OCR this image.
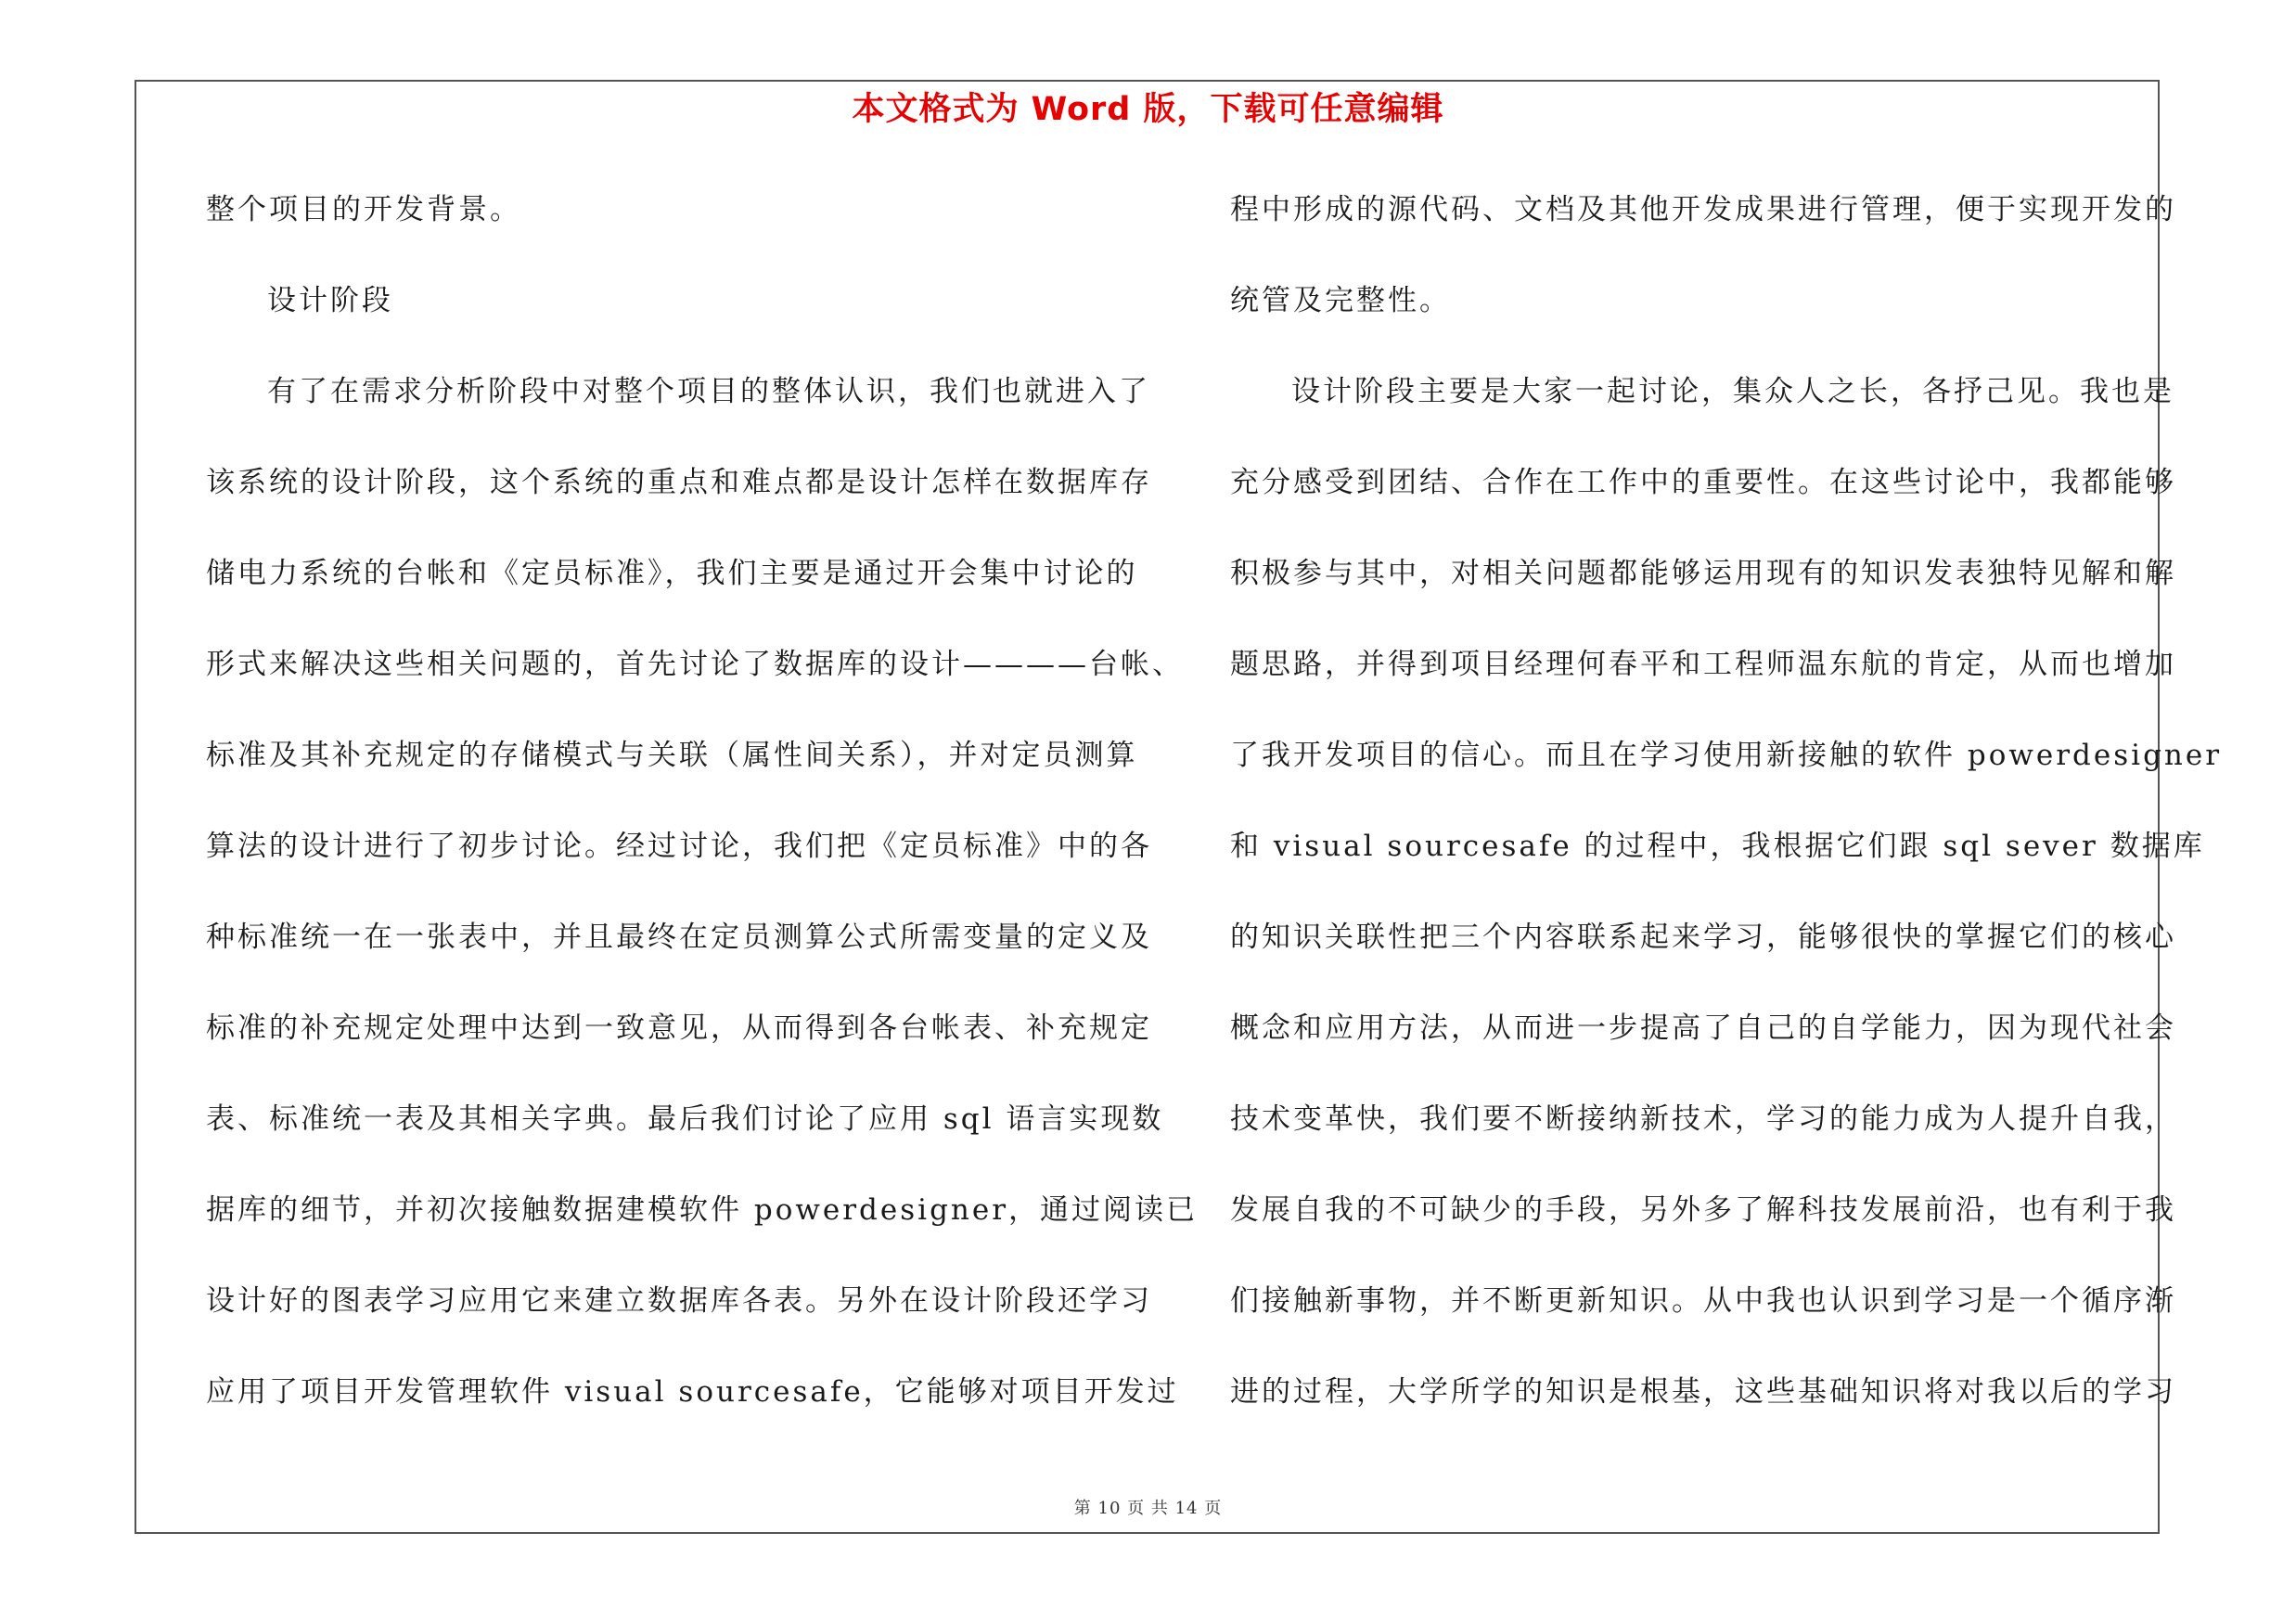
本文格式为 Word 版，下载可任意编辑
整个项目的开发背景。
设计阶段
有了在需求分析阶段中对整个项目的整体认识，我们也就进入了
该系统的设计阶段，这个系统的重点和难点都是设计怎样在数据库存
储电力系统的台帐和《定员标准》，我们主要是通过开会集中讨论的
形式来解决这些相关问题的，首先讨论了数据库的设计————台帐、
标准及其补充规定的存储模式与关联（属性间关系），并对定员测算
算法的设计进行了初步讨论。经过讨论，我们把《定员标准》中的各
种标准统一在一张表中，并且最终在定员测算公式所需变量的定义及
标准的补充规定处理中达到一致意见，从而得到各台帐表、补充规定
表、标准统一表及其相关字典。最后我们讨论了应用 sql 语言实现数
据库的细节，并初次接触数据建模软件 powerdesigner，通过阅读已
设计好的图表学习应用它来建立数据库各表。另外在设计阶段还学习
应用了项目开发管理软件 visual sourcesafe，它能够对项目开发过
程中形成的源代码、文档及其他开发成果进行管理，便于实现开发的
统管及完整性。
设计阶段主要是大家一起讨论，集众人之长，各抒己见。我也是
充分感受到团结、合作在工作中的重要性。在这些讨论中，我都能够
积极参与其中，对相关问题都能够运用现有的知识发表独特见解和解
题思路，并得到项目经理何春平和工程师温东航的肯定，从而也增加
了我开发项目的信心。而且在学习使用新接触的软件 powerdesigner
和 visual sourcesafe 的过程中，我根据它们跟 sql sever 数据库
的知识关联性把三个内容联系起来学习，能够很快的掌握它们的核心
概念和应用方法，从而进一步提高了自己的自学能力，因为现代社会
技术变革快，我们要不断接纳新技术，学习的能力成为人提升自我，
发展自我的不可缺少的手段，另外多了解科技发展前沿，也有利于我
们接触新事物，并不断更新知识。从中我也认识到学习是一个循序渐
进的过程，大学所学的知识是根基，这些基础知识将对我以后的学习
第 10 页 共 14 页
